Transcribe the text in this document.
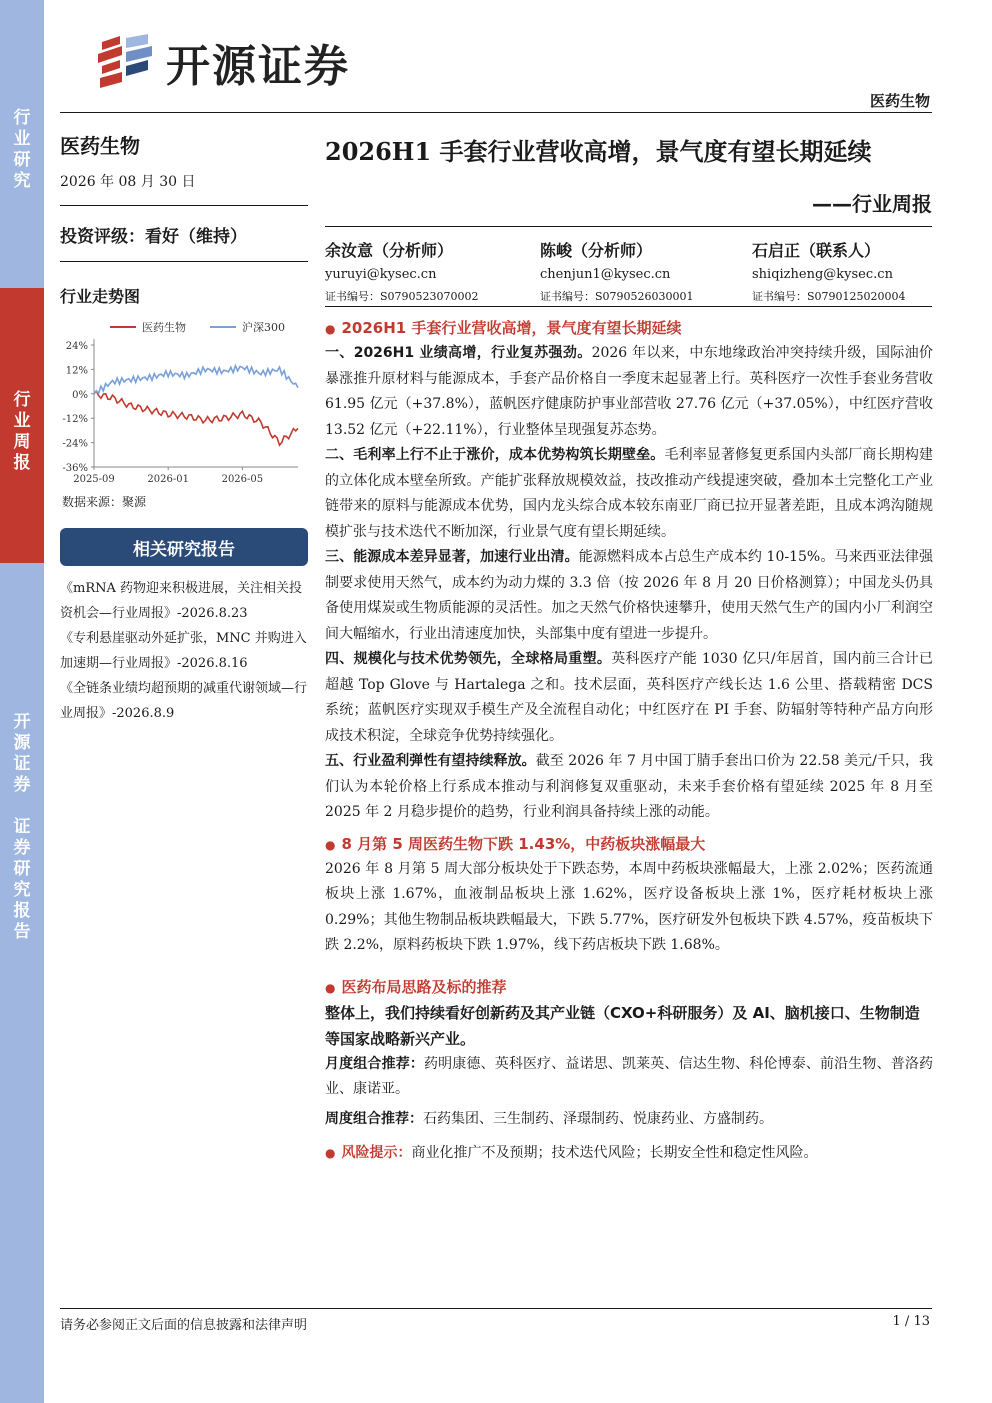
行
业
研
究
行
业
周
报
开
源
证
券

证
券
研
究
报
告
开源证券
医药生物
医药生物
2026 年 08 月 30 日
投资评级：看好（维持）
行业走势图
24%
12%
0%
-12%
-24%
-36%
2025-09	2026-01	2026-05
医药生物	沪深300
数据来源：聚源
相关研究报告
《mRNA 药物迎来积极进展，关注相关投资机会—行业周报》-2026.8.23
《专利悬崖驱动外延扩张，MNC 并购进入加速期—行业周报》-2026.8.16
《全链条业绩均超预期的减重代谢领域—行业周报》-2026.8.9
2026H1 手套行业营收高增，景气度有望长期延续
——行业周报
余汝意（分析师）
yuruyi@kysec.cn
证书编号：S0790523070002
陈峻（分析师）
chenjun1@kysec.cn
证书编号：S0790526030001
石启正（联系人）
shiqizheng@kysec.cn
证书编号：S0790125020004
● 2026H1 手套行业营收高增，景气度有望长期延续
一、2026H1 业绩高增，行业复苏强劲。2026 年以来，中东地缘政治冲突持续升级，国际油价暴涨推升原材料与能源成本，手套产品价格自一季度末起显著上行。英科医疗一次性手套业务营收 61.95 亿元（+37.8%），蓝帆医疗健康防护事业部营收 27.76 亿元（+37.05%），中红医疗营收 13.52 亿元（+22.11%），行业整体呈现强复苏态势。
二、毛利率上行不止于涨价，成本优势构筑长期壁垒。毛利率显著修复更系国内头部厂商长期构建的立体化成本壁垒所致。产能扩张释放规模效益，技改推动产线提速突破，叠加本土完整化工产业链带来的原料与能源成本优势，国内龙头综合成本较东南亚厂商已拉开显著差距，且成本鸿沟随规模扩张与技术迭代不断加深，行业景气度有望长期延续。
三、能源成本差异显著，加速行业出清。能源燃料成本占总生产成本约 10-15%。马来西亚法律强制要求使用天然气，成本约为动力煤的 3.3 倍（按 2026 年 8 月 20 日价格测算）；中国龙头仍具备使用煤炭或生物质能源的灵活性。加之天然气价格快速攀升，使用天然气生产的国内小厂利润空间大幅缩水，行业出清速度加快，头部集中度有望进一步提升。
四、规模化与技术优势领先，全球格局重塑。英科医疗产能 1030 亿只/年居首，国内前三合计已超越 Top Glove 与 Hartalega 之和。技术层面，英科医疗产线长达 1.6 公里、搭载精密 DCS 系统；蓝帆医疗实现双手模生产及全流程自动化；中红医疗在 PI 手套、防辐射等特种产品方向形成技术积淀，全球竞争优势持续强化。
五、行业盈利弹性有望持续释放。截至 2026 年 7 月中国丁腈手套出口价为 22.58 美元/千只，我们认为本轮价格上行系成本推动与利润修复双重驱动，未来手套价格有望延续 2025 年 8 月至 2025 年 2 月稳步提价的趋势，行业利润具备持续上涨的动能。
● 8 月第 5 周医药生物下跌 1.43%，中药板块涨幅最大
2026 年 8 月第 5 周大部分板块处于下跌态势，本周中药板块涨幅最大，上涨 2.02%；医药流通板块上涨 1.67%，血液制品板块上涨 1.62%，医疗设备板块上涨 1%，医疗耗材板块上涨 0.29%；其他生物制品板块跌幅最大，下跌 5.77%，医疗研发外包板块下跌 4.57%，疫苗板块下跌 2.2%，原料药板块下跌 1.97%，线下药店板块下跌 1.68%。
● 医药布局思路及标的推荐
整体上，我们持续看好创新药及其产业链（CXO+科研服务）及 AI、脑机接口、生物制造等国家战略新兴产业。
月度组合推荐：药明康德、英科医疗、益诺思、凯莱英、信达生物、科伦博泰、前沿生物、普洛药业、康诺亚。
周度组合推荐：石药集团、三生制药、泽璟制药、悦康药业、方盛制药。
● 风险提示：商业化推广不及预期；技术迭代风险；长期安全性和稳定性风险。
请务必参阅正文后面的信息披露和法律声明	1 / 13
